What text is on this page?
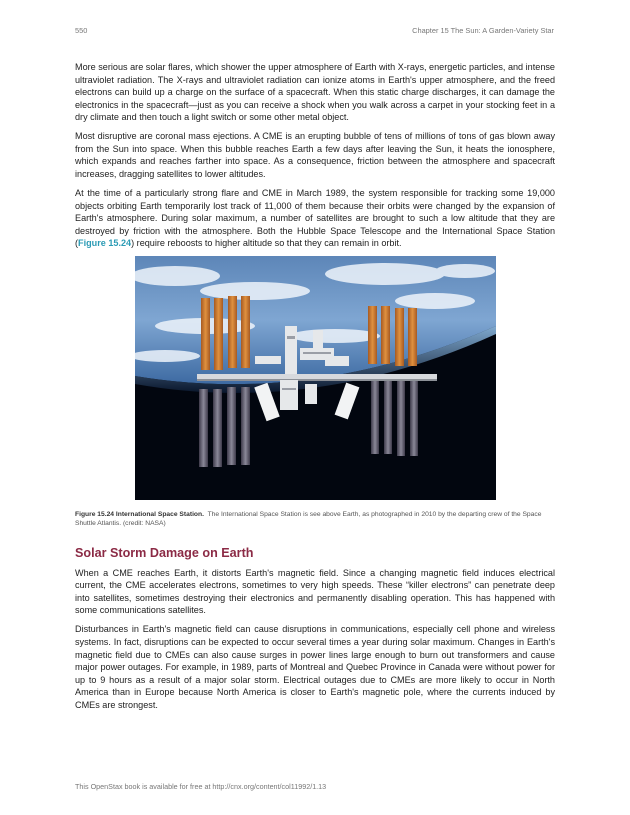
550	Chapter 15 The Sun: A Garden-Variety Star

More serious are solar flares, which shower the upper atmosphere of Earth with X-rays, energetic particles, and intense ultraviolet radiation. The X-rays and ultraviolet radiation can ionize atoms in Earth's upper atmosphere, and the freed electrons can build up a charge on the surface of a spacecraft. When this static charge discharges, it can damage the electronics in the spacecraft—just as you can receive a shock when you walk across a carpet in your stocking feet in a dry climate and then touch a light switch or some other metal object.

Most disruptive are coronal mass ejections. A CME is an erupting bubble of tens of millions of tons of gas blown away from the Sun into space. When this bubble reaches Earth a few days after leaving the Sun, it heats the ionosphere, which expands and reaches farther into space. As a consequence, friction between the atmosphere and spacecraft increases, dragging satellites to lower altitudes.

At the time of a particularly strong flare and CME in March 1989, the system responsible for tracking some 19,000 objects orbiting Earth temporarily lost track of 11,000 of them because their orbits were changed by the expansion of Earth's atmosphere. During solar maximum, a number of satellites are brought to such a low altitude that they are destroyed by friction with the atmosphere. Both the Hubble Space Telescope and the International Space Station (Figure 15.24) require reboosts to higher altitude so that they can remain in orbit.

Figure 15.24 International Space Station. The International Space Station is see above Earth, as photographed in 2010 by the departing crew of the Space Shuttle Atlantis. (credit: NASA)

Solar Storm Damage on Earth

When a CME reaches Earth, it distorts Earth's magnetic field. Since a changing magnetic field induces electrical current, the CME accelerates electrons, sometimes to very high speeds. These “killer electrons” can penetrate deep into satellites, sometimes destroying their electronics and permanently disabling operation. This has happened with some communications satellites.

Disturbances in Earth's magnetic field can cause disruptions in communications, especially cell phone and wireless systems. In fact, disruptions can be expected to occur several times a year during solar maximum. Changes in Earth's magnetic field due to CMEs can also cause surges in power lines large enough to burn out transformers and cause major power outages. For example, in 1989, parts of Montreal and Quebec Province in Canada were without power for up to 9 hours as a result of a major solar storm. Electrical outages due to CMEs are more likely to occur in North America than in Europe because North America is closer to Earth's magnetic pole, where the currents induced by CMEs are strongest.

This OpenStax book is available for free at http://cnx.org/content/col11992/1.13
